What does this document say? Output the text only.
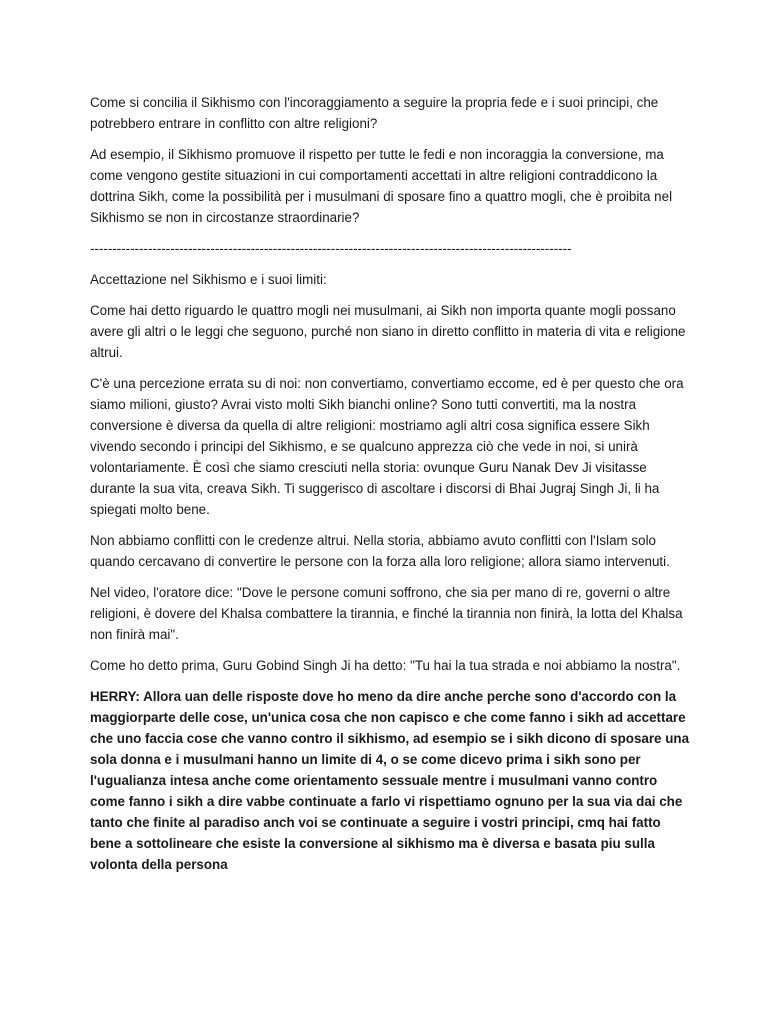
Come si concilia il Sikhismo con l'incoraggiamento a seguire la propria fede e i suoi principi, che potrebbero entrare in conflitto con altre religioni?

Ad esempio, il Sikhismo promuove il rispetto per tutte le fedi e non incoraggia la conversione, ma come vengono gestite situazioni in cui comportamenti accettati in altre religioni contraddicono la dottrina Sikh, come la possibilità per i musulmani di sposare fino a quattro mogli, che è proibita nel Sikhismo se non in circostanze straordinarie?

------------------------------------------------------------------------------------------------------------

Accettazione nel Sikhismo e i suoi limiti:

Come hai detto riguardo le quattro mogli nei musulmani, ai Sikh non importa quante mogli possano avere gli altri o le leggi che seguono, purché non siano in diretto conflitto in materia di vita e religione altrui.

C'è una percezione errata su di noi: non convertiamo, convertiamo eccome, ed è per questo che ora siamo milioni, giusto? Avrai visto molti Sikh bianchi online? Sono tutti convertiti, ma la nostra conversione è diversa da quella di altre religioni: mostriamo agli altri cosa significa essere Sikh vivendo secondo i principi del Sikhismo, e se qualcuno apprezza ciò che vede in noi, si unirà volontariamente. È così che siamo cresciuti nella storia: ovunque Guru Nanak Dev Ji visitasse durante la sua vita, creava Sikh. Ti suggerisco di ascoltare i discorsi di Bhai Jugraj Singh Ji, li ha spiegati molto bene.

Non abbiamo conflitti con le credenze altrui. Nella storia, abbiamo avuto conflitti con l'Islam solo quando cercavano di convertire le persone con la forza alla loro religione; allora siamo intervenuti.

Nel video, l'oratore dice: "Dove le persone comuni soffrono, che sia per mano di re, governi o altre religioni, è dovere del Khalsa combattere la tirannia, e finché la tirannia non finirà, la lotta del Khalsa non finirà mai".

Come ho detto prima, Guru Gobind Singh Ji ha detto: "Tu hai la tua strada e noi abbiamo la nostra".

HERRY: Allora uan delle risposte dove ho meno da dire anche perche sono d'accordo con la maggiorparte delle cose, un'unica cosa che non capisco e che come fanno i sikh ad accettare che uno faccia cose che vanno contro il sikhismo, ad esempio se i sikh dicono di sposare una sola donna e i musulmani hanno un limite di 4, o se come dicevo prima i sikh sono per l'ugualianza intesa anche come orientamento sessuale mentre i musulmani vanno contro come fanno i sikh a dire vabbe continuate a farlo vi rispettiamo ognuno per la sua via dai che tanto che finite al paradiso anch voi se continuate a seguire i vostri principi, cmq hai fatto bene a sottolineare che esiste la conversione al sikhismo ma è diversa e basata piu sulla volonta della persona
